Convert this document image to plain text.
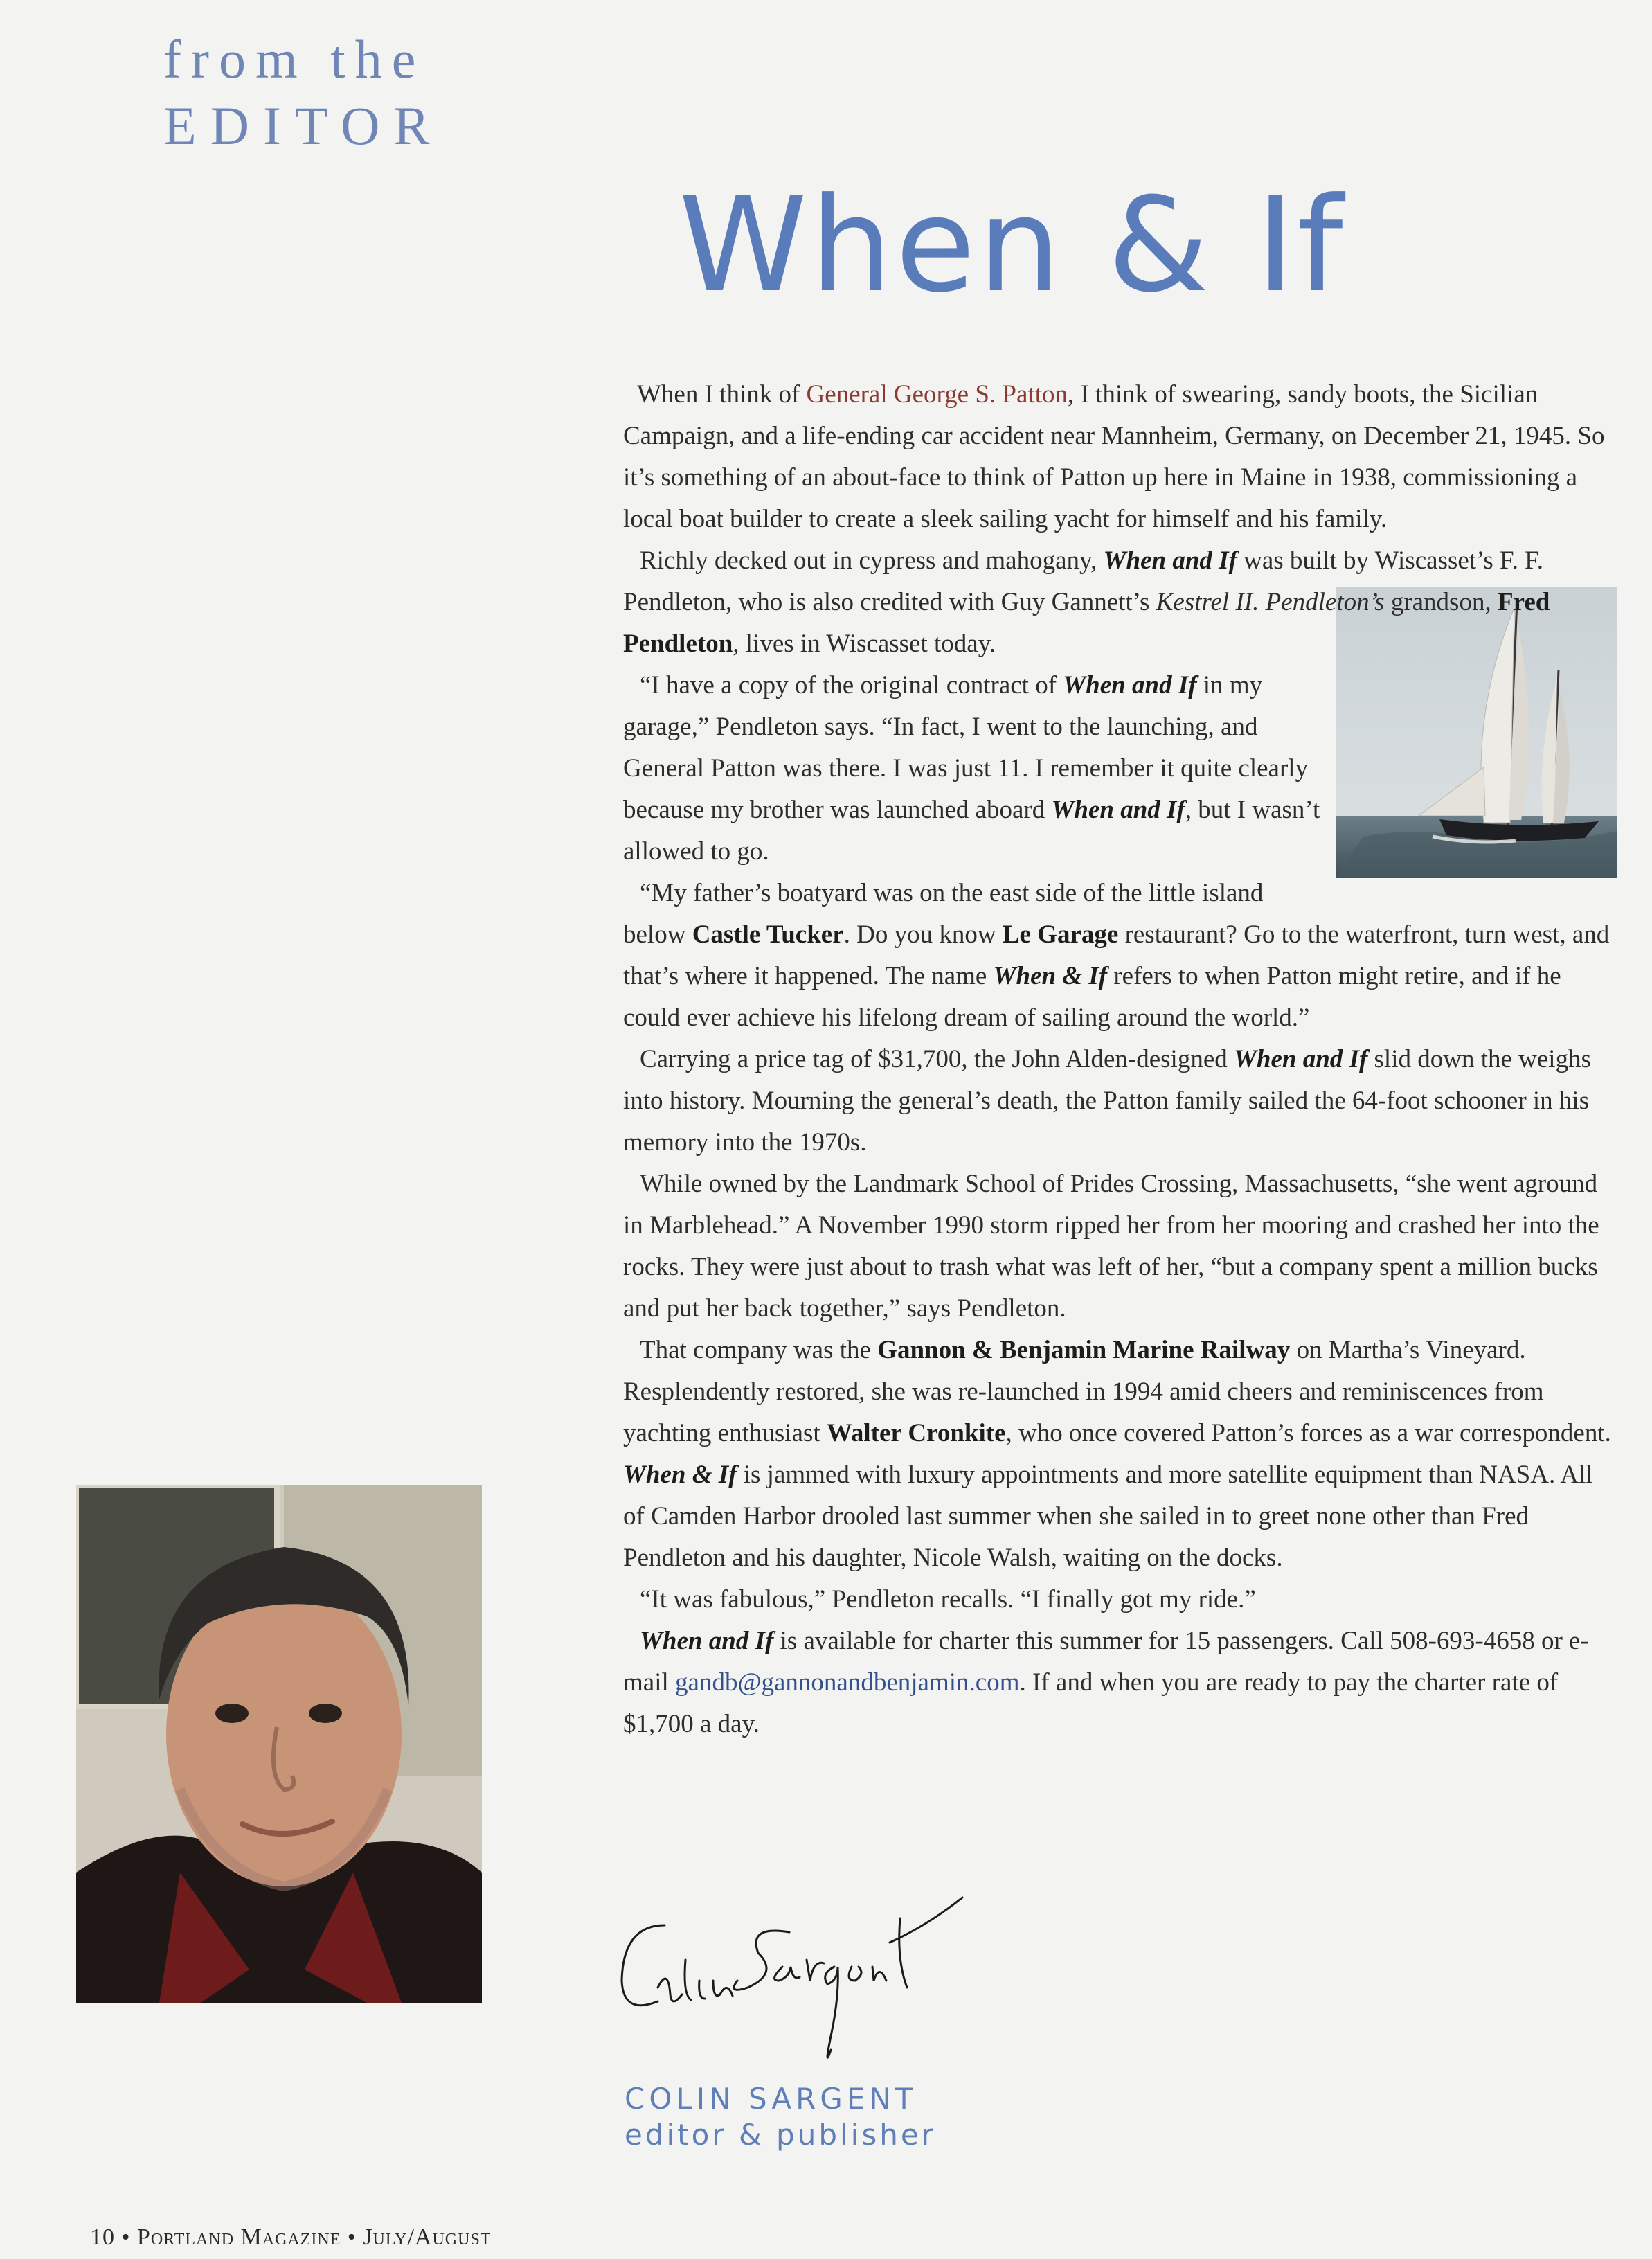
from the
EDITOR
When & If

When I think of General George S. Patton, I think of swearing, sandy boots, the Sicilian Campaign, and a life-ending car accident near Mannheim, Germany, on December 21, 1945. So it’s something of an about-face to think of Patton up here in Maine in 1938, commissioning a local boat builder to create a sleek sailing yacht for himself and his family.

Richly decked out in cypress and mahogany, When and If was built by Wiscasset’s F. F. Pendleton, who is also credited with Guy Gannett’s Kestrel II. Pendleton’s grandson, Fred Pendleton, lives in Wiscasset today.

“I have a copy of the original contract of When and If in my garage,” Pendleton says. “In fact, I went to the launching, and General Patton was there. I was just 11. I remember it quite clearly because my brother was launched aboard When and If, but I wasn’t allowed to go.

“My father’s boatyard was on the east side of the little island below Castle Tucker. Do you know Le Garage restaurant? Go to the waterfront, turn west, and that’s where it happened. The name When & If refers to when Patton might retire, and if he could ever achieve his lifelong dream of sailing around the world.”

Carrying a price tag of $31,700, the John Alden-designed When and If slid down the weighs into history. Mourning the general’s death, the Patton family sailed the 64-foot schooner in his memory into the 1970s.

While owned by the Landmark School of Prides Crossing, Massachusetts, “she went aground in Marblehead.” A November 1990 storm ripped her from her mooring and crashed her into the rocks. They were just about to trash what was left of her, “but a company spent a million bucks and put her back together,” says Pendleton.

That company was the Gannon & Benjamin Marine Railway on Martha’s Vineyard. Resplendently restored, she was re-launched in 1994 amid cheers and reminiscences from yachting enthusiast Walter Cronkite, who once covered Patton’s forces as a war correspondent. When & If is jammed with luxury appointments and more satellite equipment than NASA. All of Camden Harbor drooled last summer when she sailed in to greet none other than Fred Pendleton and his daughter, Nicole Walsh, waiting on the docks.

“It was fabulous,” Pendleton recalls. “I finally got my ride.”

When and If is available for charter this summer for 15 passengers. Call 508-693-4658 or e-mail gandb@gannonandbenjamin.com. If and when you are ready to pay the charter rate of $1,700 a day.

COLIN SARGENT
editor & publisher
10 • Portland Magazine • July/August
